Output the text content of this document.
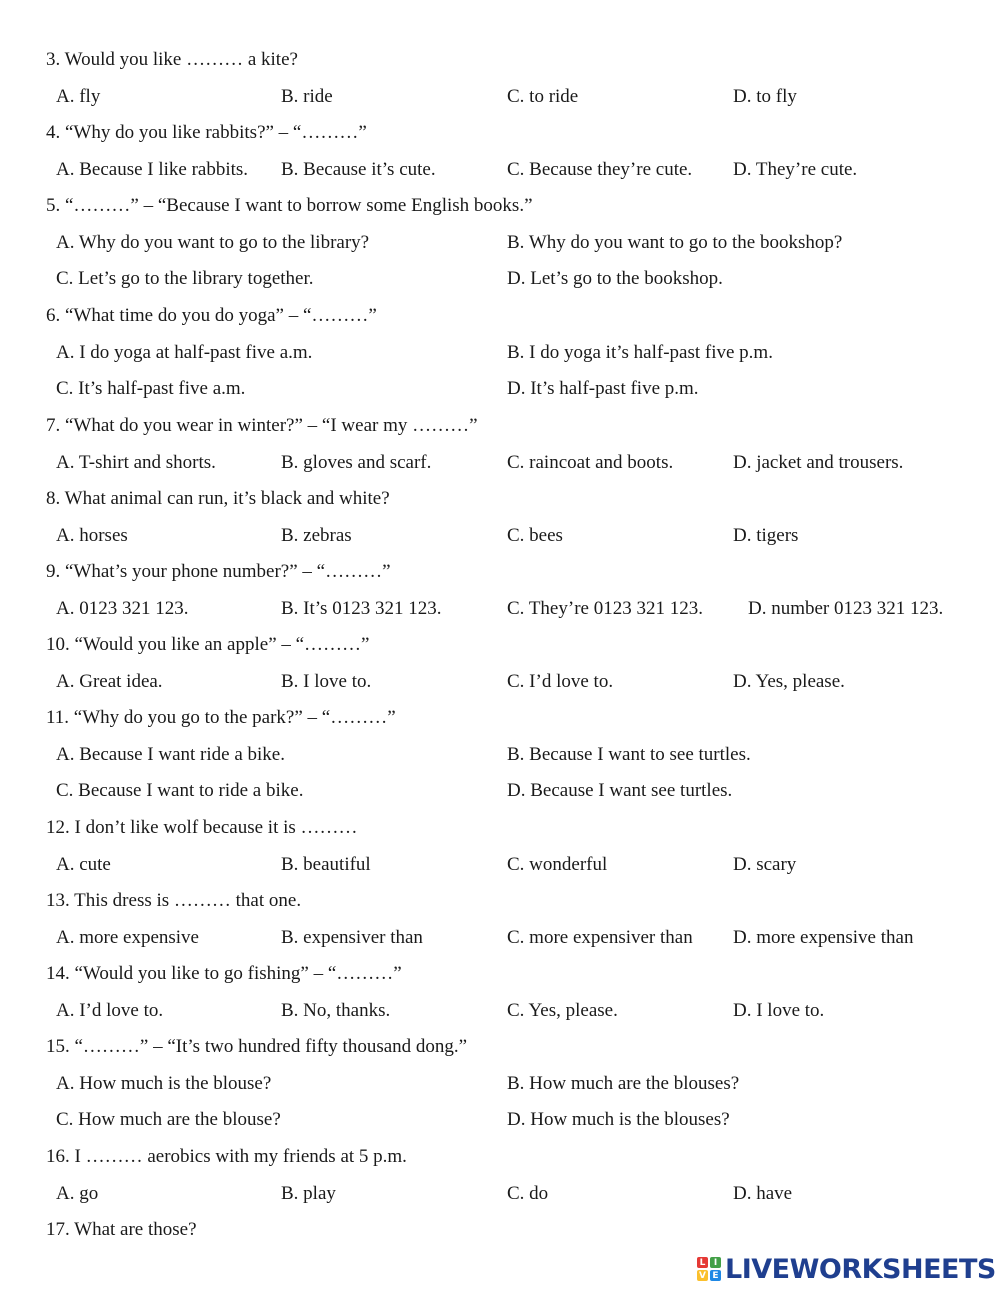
3. Would you like ……… a kite?
A. fly	B. ride	C. to ride	D. to fly
4. “Why do you like rabbits?” – “………”
A. Because I like rabbits. B. Because it’s cute.	C. Because they’re cute. D. They’re cute.
5. “………” – “Because I want to borrow some English books.”
A. Why do you want to go to the library?	B. Why do you want to go to the bookshop?
C. Let’s go to the library together.	D. Let’s go to the bookshop.
6. “What time do you do yoga” – “………”
A. I do yoga at half-past five a.m.	B. I do yoga it’s half-past five p.m.
C. It’s half-past five a.m.	D. It’s half-past five p.m.
7. “What do you wear in winter?” – “I wear my ………”
A. T-shirt and shorts.	B. gloves and scarf.	C. raincoat and boots.	D. jacket and trousers.
8. What animal can run, it’s black and white?
A. horses	B. zebras	C. bees	D. tigers
9. “What’s your phone number?” – “………”
A. 0123 321 123.	B. It’s 0123 321 123.	C. They’re 0123 321 123. D. number 0123 321 123.
10. “Would you like an apple” – “………”
A. Great idea.	B. I love to.	C. I’d love to.	D. Yes, please.
11. “Why do you go to the park?” – “………”
A. Because I want ride a bike.	B. Because I want to see turtles.
C. Because I want to ride a bike.	D. Because I want see turtles.
12. I don’t like wolf because it is ………
A. cute	B. beautiful	C. wonderful	D. scary
13. This dress is ……… that one.
A. more expensive	B. expensiver than	C. more expensiver than D. more expensive than
14. “Would you like to go fishing” – “………”
A. I’d love to.	B. No, thanks.	C. Yes, please.	D. I love to.
15. “………” – “It’s two hundred fifty thousand dong.”
A. How much is the blouse?	B. How much are the blouses?
C. How much are the blouse?	D. How much is the blouses?
16. I ……… aerobics with my friends at 5 p.m.
A. go	B. play	C. do	D. have
17. What are those?
L I
V E LIVEWORKSHEETS
